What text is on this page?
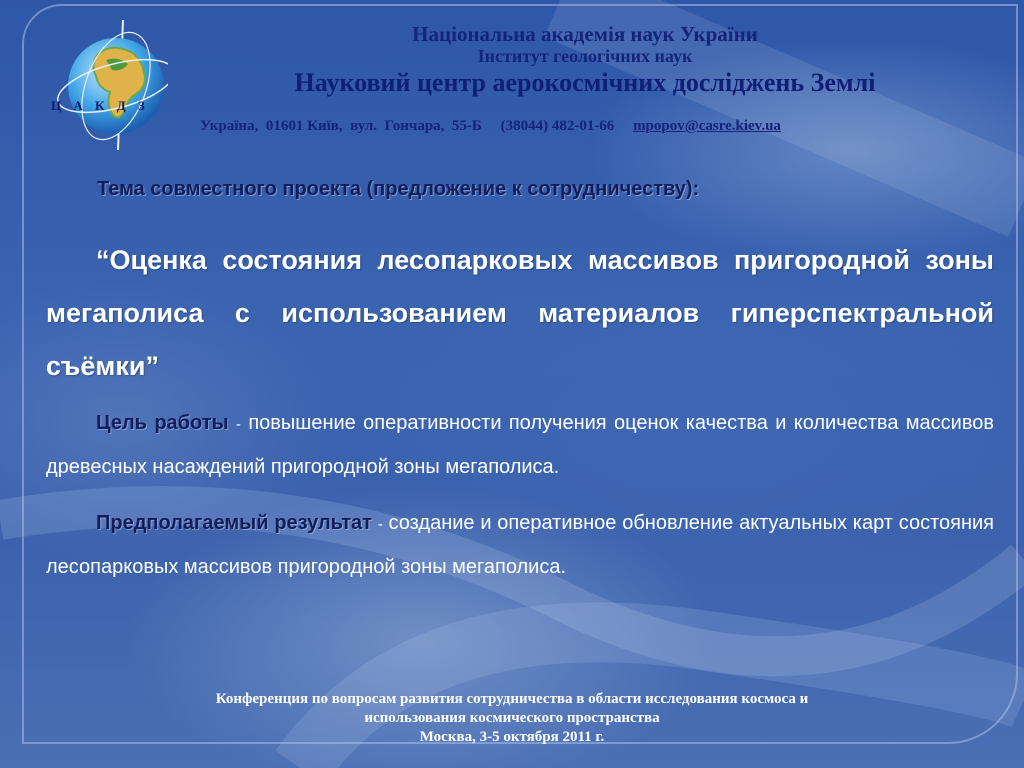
Ц А К Д З
Національна академія наук України
Інститут геологічних наук
Науковий центр аерокосмічних досліджень Землі
Україна,  01601 Київ,  вул.  Гончара,  55-Б (38044) 482-01-66 mpopov@casre.kiev.ua
Тема совместного проекта (предложение к сотрудничеству):
“Оценка состояния лесопарковых массивов пригородной зоны мегаполиса с использованием материалов гиперспектральной съёмки”
Цель работы - повышение оперативности получения оценок качества и количества массивов древесных насаждений пригородной зоны мегаполиса.
Предполагаемый результат - создание и оперативное обновление актуальных карт состояния лесопарковых массивов пригородной зоны мегаполиса.
Конференция по вопросам развития сотрудничества в области исследования космоса и
использования космического пространства
Москва, 3-5 октября 2011 г.
